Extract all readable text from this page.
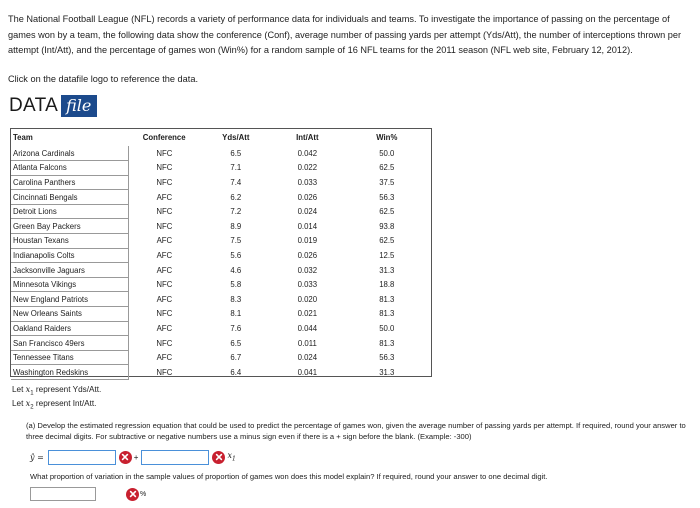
The National Football League (NFL) records a variety of performance data for individuals and teams. To investigate the importance of passing on the percentage of games won by a team, the following data show the conference (Conf), average number of passing yards per attempt (Yds/Att), the number of interceptions thrown per attempt (Int/Att), and the percentage of games won (Win%) for a random sample of 16 NFL teams for the 2011 season (NFL web site, February 12, 2012).
Click on the datafile logo to reference the data.
DATA file
Team	Conference	Yds/Att	Int/Att	Win%
Arizona Cardinals	NFC	6.5	0.042	50.0
Atlanta Falcons	NFC	7.1	0.022	62.5
Carolina Panthers	NFC	7.4	0.033	37.5
Cincinnati Bengals	AFC	6.2	0.026	56.3
Detroit Lions	NFC	7.2	0.024	62.5
Green Bay Packers	NFC	8.9	0.014	93.8
Houstan Texans	AFC	7.5	0.019	62.5
Indianapolis Colts	AFC	5.6	0.026	12.5
Jacksonville Jaguars	AFC	4.6	0.032	31.3
Minnesota Vikings	NFC	5.8	0.033	18.8
New England Patriots	AFC	8.3	0.020	81.3
New Orleans Saints	NFC	8.1	0.021	81.3
Oakland Raiders	AFC	7.6	0.044	50.0
San Francisco 49ers	NFC	6.5	0.011	81.3
Tennessee Titans	AFC	6.7	0.024	56.3
Washington Redskins	NFC	6.4	0.041	31.3
Let $x_1$ represent Yds/Att.
Let $x_2$ represent Int/Att.
(a) Develop the estimated regression equation that could be used to predict the percentage of games won, given the average number of passing yards per attempt. If required, round your answer to three decimal digits. For subtractive or negative numbers use a minus sign even if there is a + sign before the blank. (Example: -300)
ŷ =	+	$x_1$
What proportion of variation in the sample values of proportion of games won does this model explain? If required, round your answer to one decimal digit.
%
